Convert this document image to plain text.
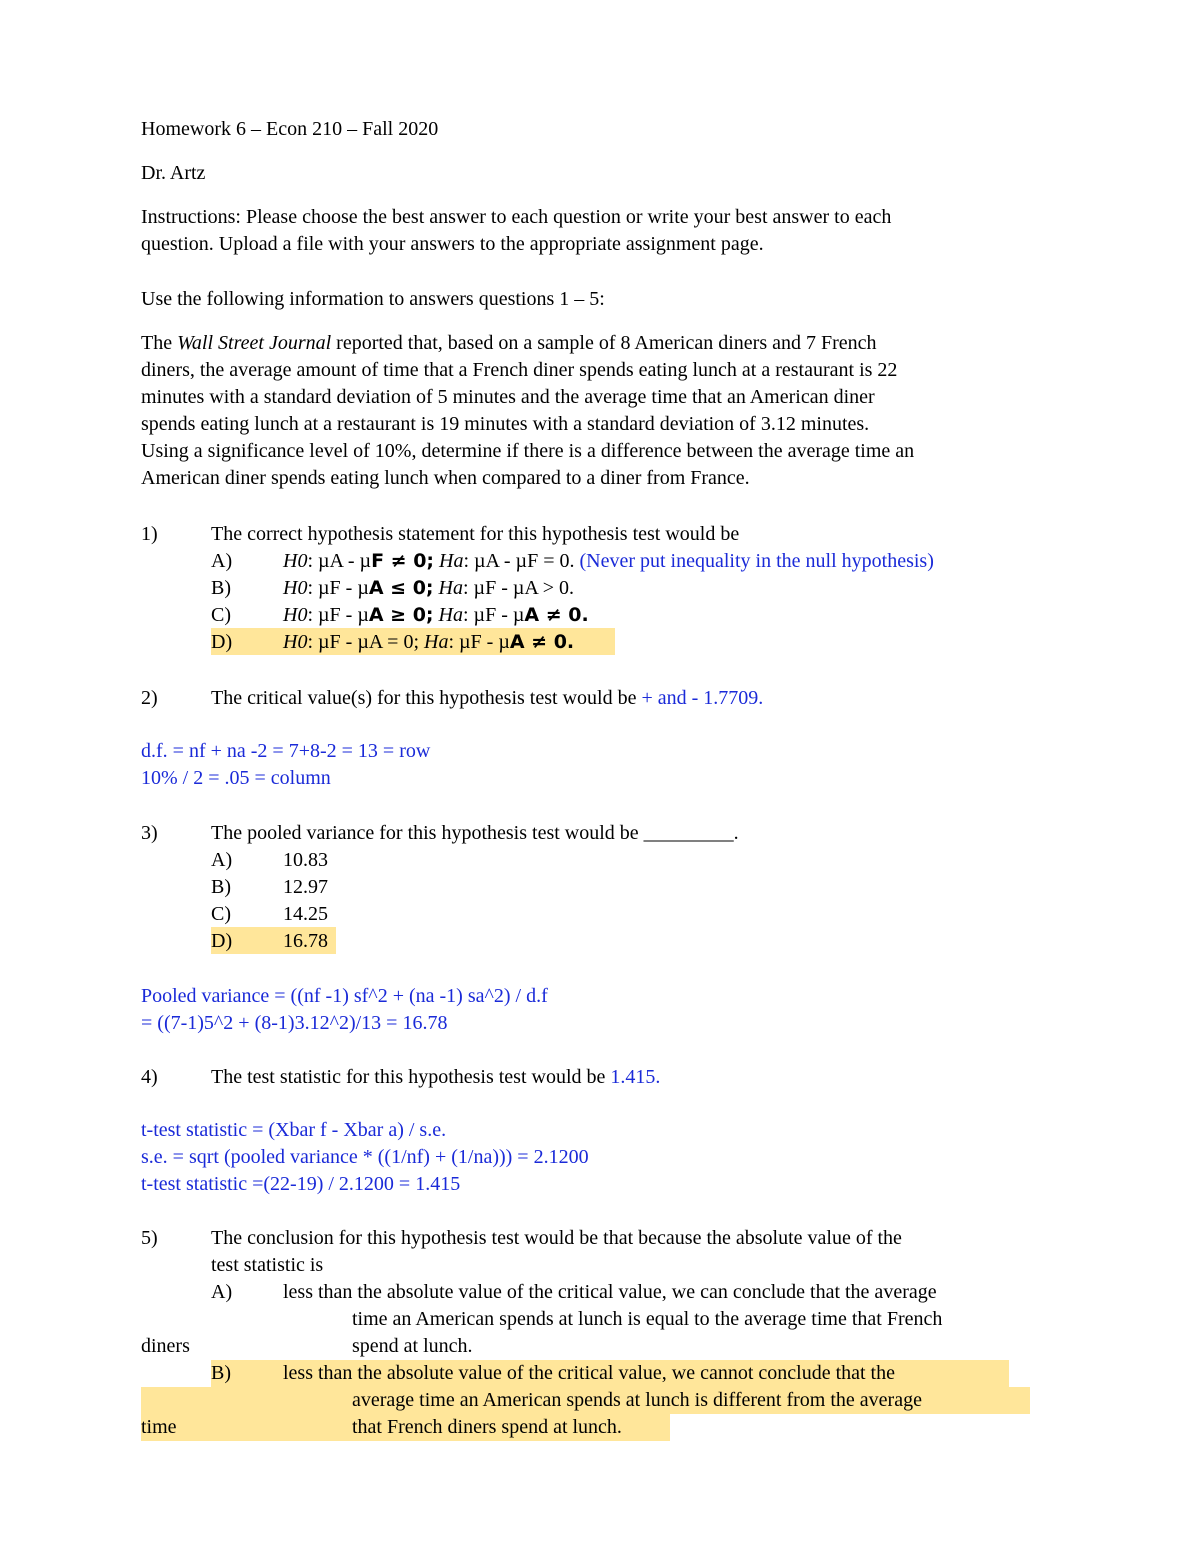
Homework 6 – Econ 210 – Fall 2020
Dr. Artz
Instructions: Please choose the best answer to each question or write your best answer to each
question. Upload a file with your answers to the appropriate assignment page.
Use the following information to answers questions 1 – 5:
The Wall Street Journal reported that, based on a sample of 8 American diners and 7 French
diners, the average amount of time that a French diner spends eating lunch at a restaurant is 22
minutes with a standard deviation of 5 minutes and the average time that an American diner
spends eating lunch at a restaurant is 19 minutes with a standard deviation of 3.12 minutes.
Using a significance level of 10%, determine if there is a difference between the average time an
American diner spends eating lunch when compared to a diner from France.
1)	The correct hypothesis statement for this hypothesis test would be
A)	H0: µA - µF ≠ 0; Ha: µA - µF = 0. (Never put inequality in the null hypothesis)
B)	H0: µF - µA ≤ 0; Ha: µF - µA > 0.
C)	H0: µF - µA ≥ 0; Ha: µF - µA ≠ 0.
D)	H0: µF - µA = 0; Ha: µF - µA ≠ 0.
2)	The critical value(s) for this hypothesis test would be + and - 1.7709.
d.f. = nf + na -2 = 7+8-2 = 13 = row
10% / 2 = .05 = column
3)	The pooled variance for this hypothesis test would be _________.
A)	10.83
B)	12.97
C)	14.25
D)	16.78
Pooled variance = ((nf -1) sf^2 + (na -1) sa^2) / d.f
= ((7-1)5^2 + (8-1)3.12^2)/13 = 16.78
4)	The test statistic for this hypothesis test would be 1.415.
t-test statistic = (Xbar f - Xbar a) / s.e.
s.e. = sqrt (pooled variance * ((1/nf) + (1/na))) = 2.1200
t-test statistic =(22-19) / 2.1200 = 1.415
5)	The conclusion for this hypothesis test would be that because the absolute value of the
test statistic is
A)	less than the absolute value of the critical value, we can conclude that the average
time an American spends at lunch is equal to the average time that French
diners	spend at lunch.
B)	less than the absolute value of the critical value, we cannot conclude that the
average time an American spends at lunch is different from the average
time	that French diners spend at lunch.
